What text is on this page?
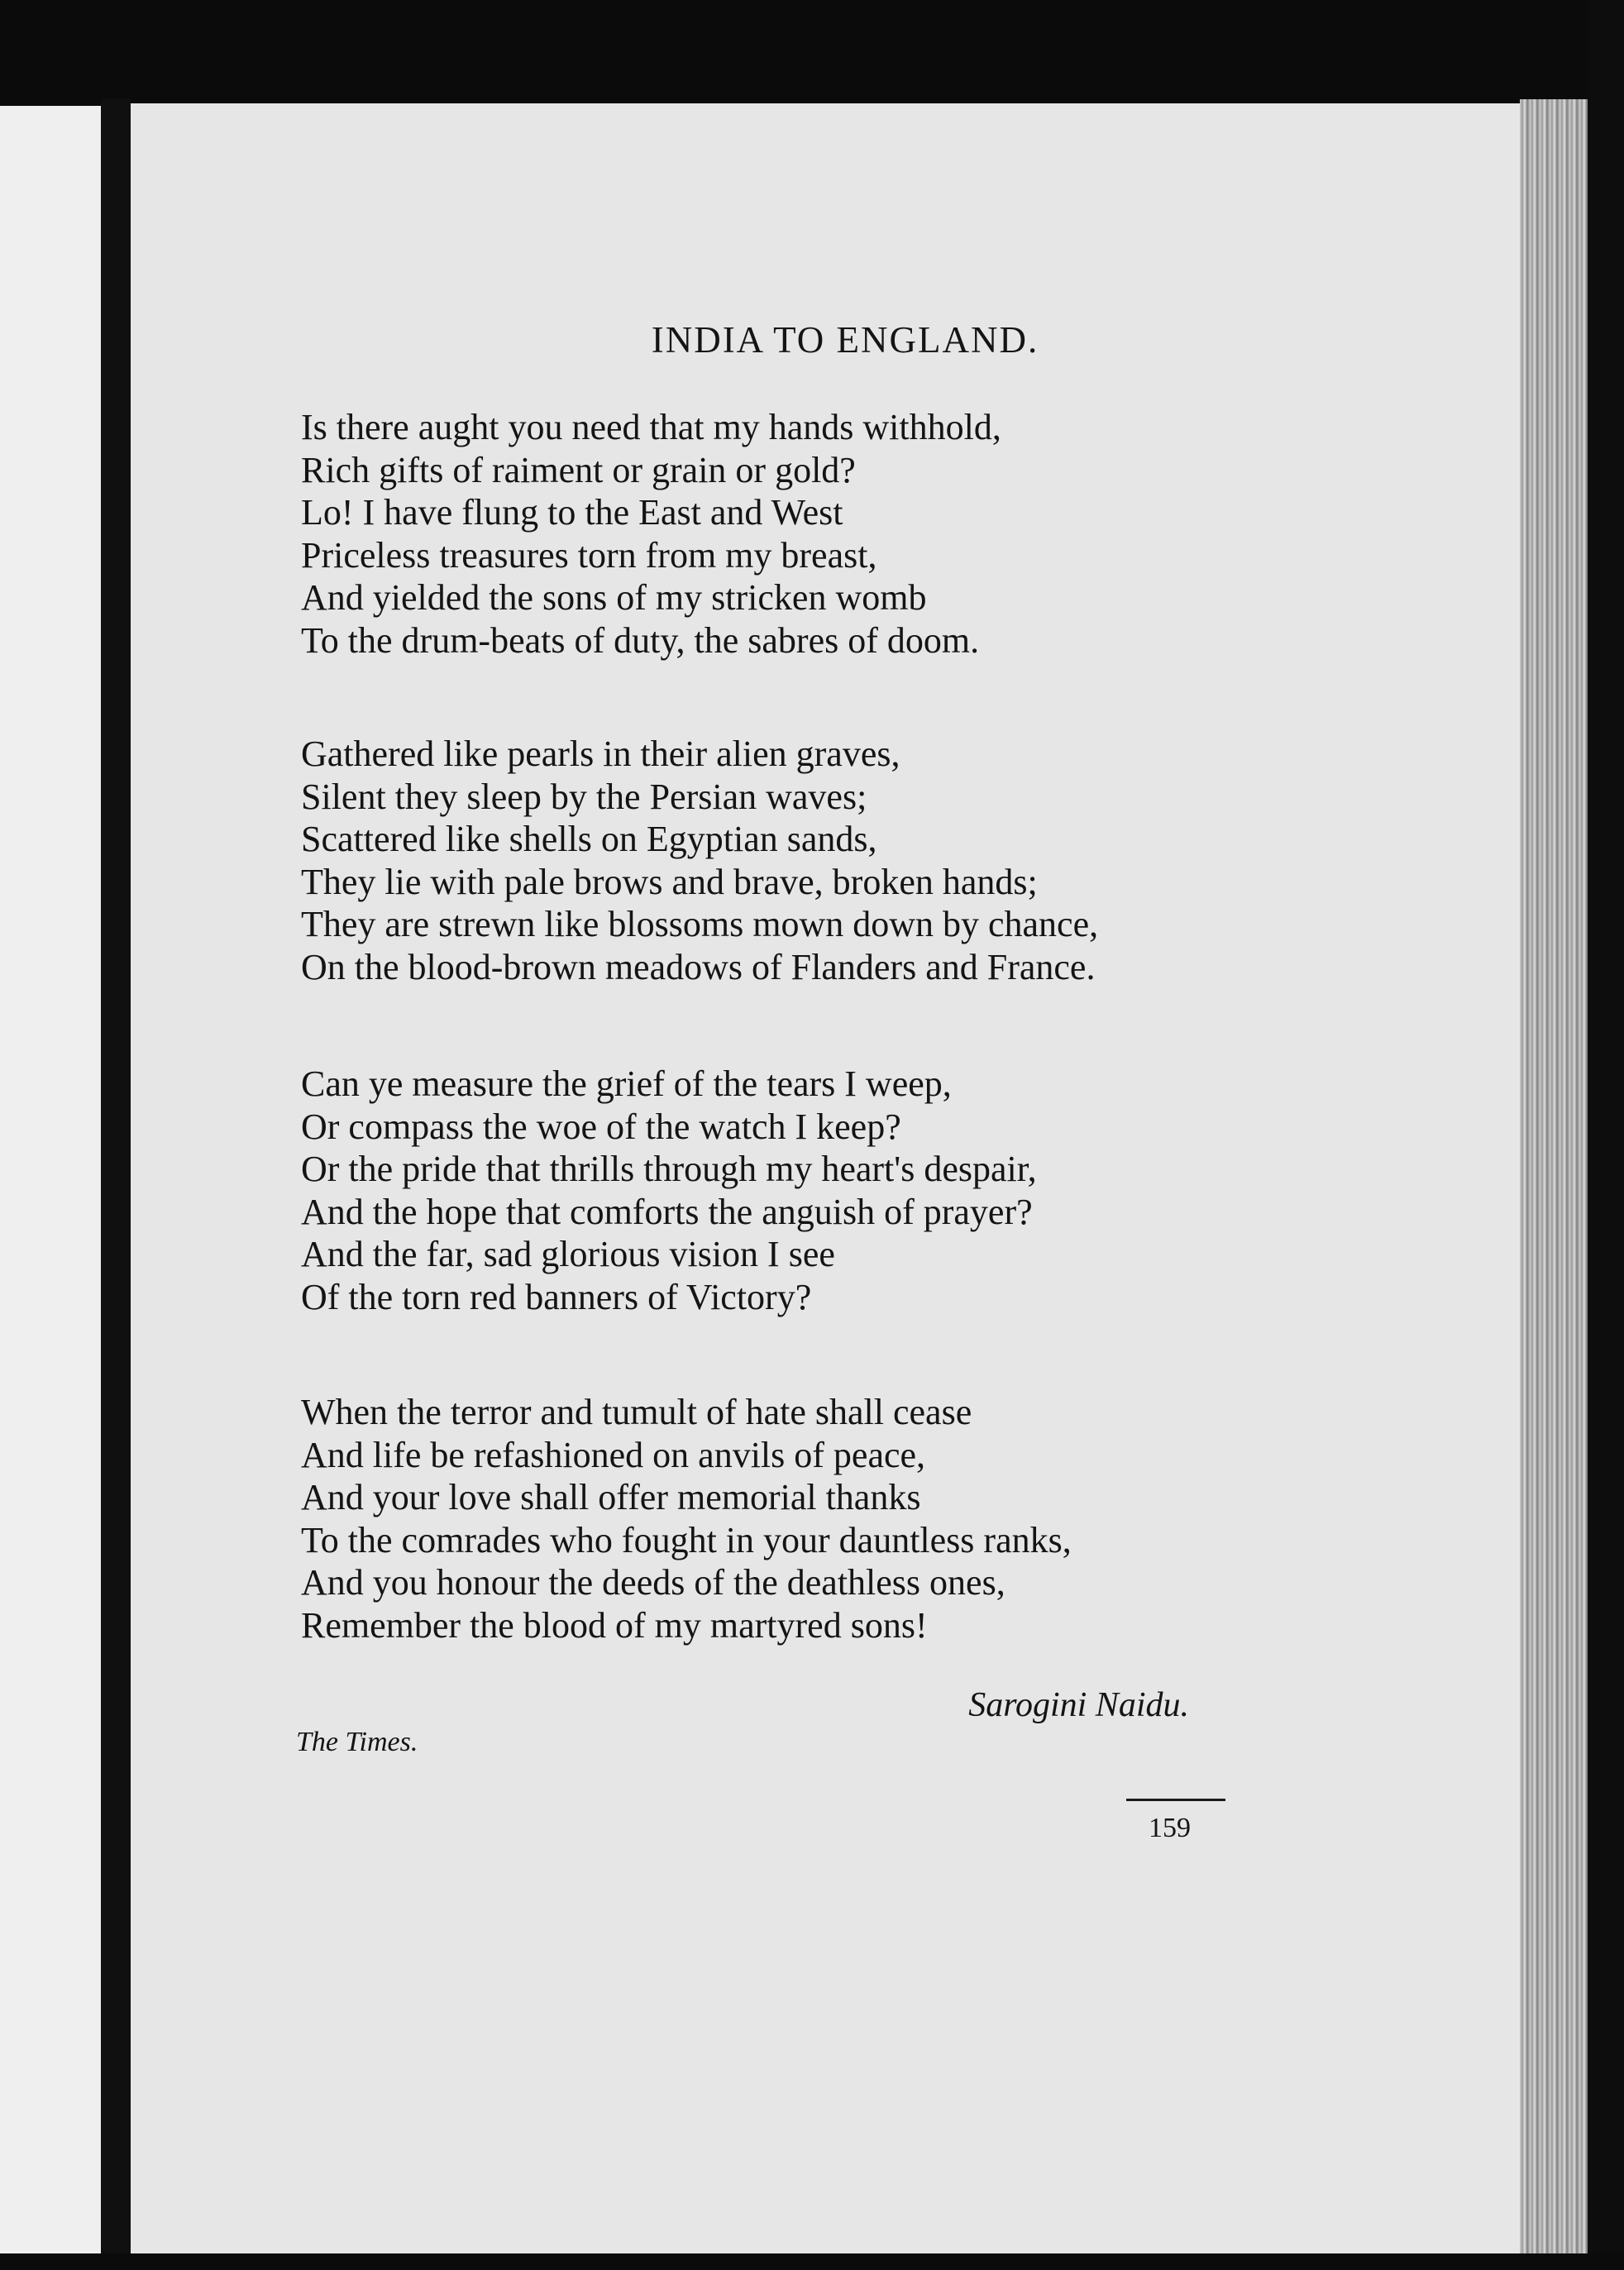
INDIA TO ENGLAND.
Is there aught you need that my hands withhold,
Rich gifts of raiment or grain or gold?
Lo! I have flung to the East and West
Priceless treasures torn from my breast,
And yielded the sons of my stricken womb
To the drum-beats of duty, the sabres of doom.
Gathered like pearls in their alien graves,
Silent they sleep by the Persian waves;
Scattered like shells on Egyptian sands,
They lie with pale brows and brave, broken hands;
They are strewn like blossoms mown down by chance,
On the blood-brown meadows of Flanders and France.
Can ye measure the grief of the tears I weep,
Or compass the woe of the watch I keep?
Or the pride that thrills through my heart's despair,
And the hope that comforts the anguish of prayer?
And the far, sad glorious vision I see
Of the torn red banners of Victory?
When the terror and tumult of hate shall cease
And life be refashioned on anvils of peace,
And your love shall offer memorial thanks
To the comrades who fought in your dauntless ranks,
And you honour the deeds of the deathless ones,
Remember the blood of my martyred sons!
Sarogini Naidu.
The Times.
159
